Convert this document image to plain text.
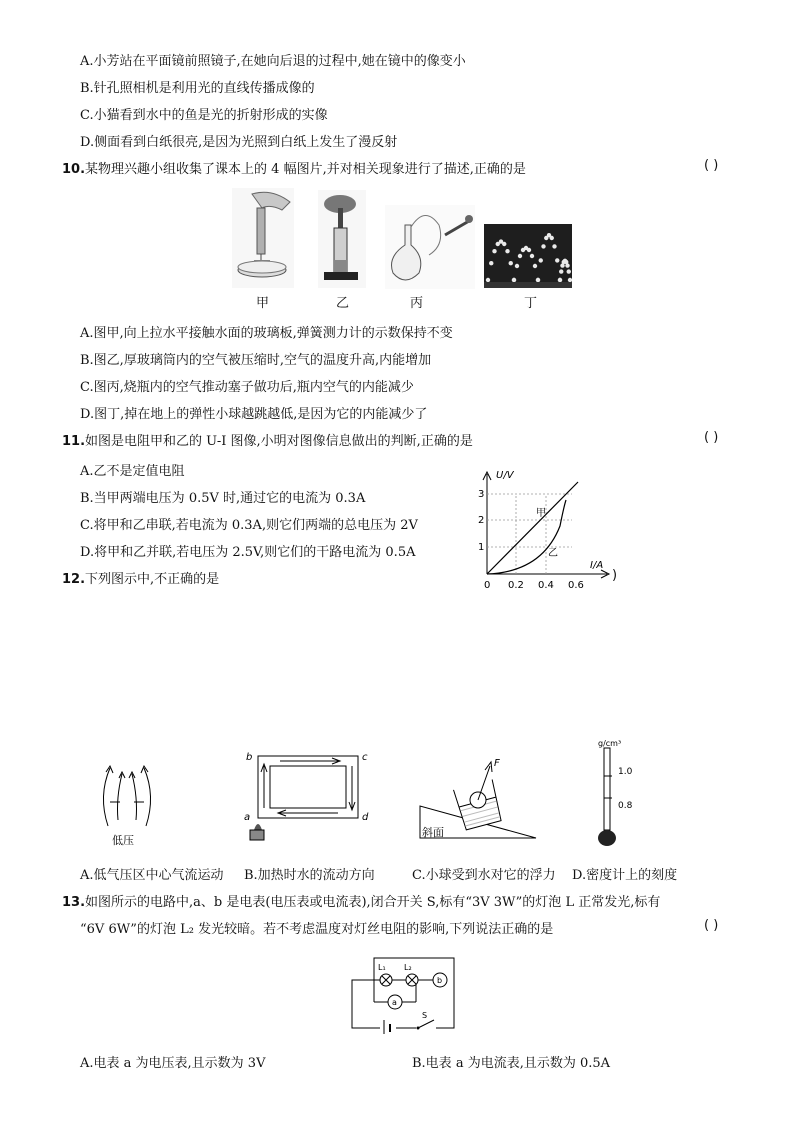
A.小芳站在平面镜前照镜子,在她向后退的过程中,她在镜中的像变小
B.针孔照相机是利用光的直线传播成像的
C.小猫看到水中的鱼是光的折射形成的实像
D.侧面看到白纸很亮,是因为光照到白纸上发生了漫反射
10.某物理兴趣小组收集了课本上的 4 幅图片,并对相关现象进行了描述,正确的是	( )
甲	乙	丙	丁
A.图甲,向上拉水平接触水面的玻璃板,弹簧测力计的示数保持不变
B.图乙,厚玻璃筒内的空气被压缩时,空气的温度升高,内能增加
C.图丙,烧瓶内的空气推动塞子做功后,瓶内空气的内能减少
D.图丁,掉在地上的弹性小球越跳越低,是因为它的内能减少了
11.如图是电阻甲和乙的 U-I 图像,小明对图像信息做出的判断,正确的是	( )
A.乙不是定值电阻
B.当甲两端电压为 0.5V 时,通过它的电流为 0.3A
C.将甲和乙串联,若电流为 0.3A,则它们两端的总电压为 2V
D.将甲和乙并联,若电压为 2.5V,则它们的干路电流为 0.5A
U/V
I/A
1
2
3
0 0.2 0.4 0.6
甲
乙
12.下列图示中,不正确的是	)
低压
b	c
a	d
F
斜面
g/cm³
1.0
0.8
A.低气压区中心气流运动 B.加热时水的流动方向	C.小球受到水对它的浮力 D.密度计上的刻度
13.如图所示的电路中,a、b 是电表(电压表或电流表),闭合开关 S,标有“3V 3W”的灯泡 L 正常发光,标有
“6V 6W”的灯泡 L₂ 发光较暗。若不考虑温度对灯丝电阻的影响,下列说法正确的是	( )
L₁ L₂
a
b
S
A.电表 a 为电压表,且示数为 3V	B.电表 a 为电流表,且示数为 0.5A
